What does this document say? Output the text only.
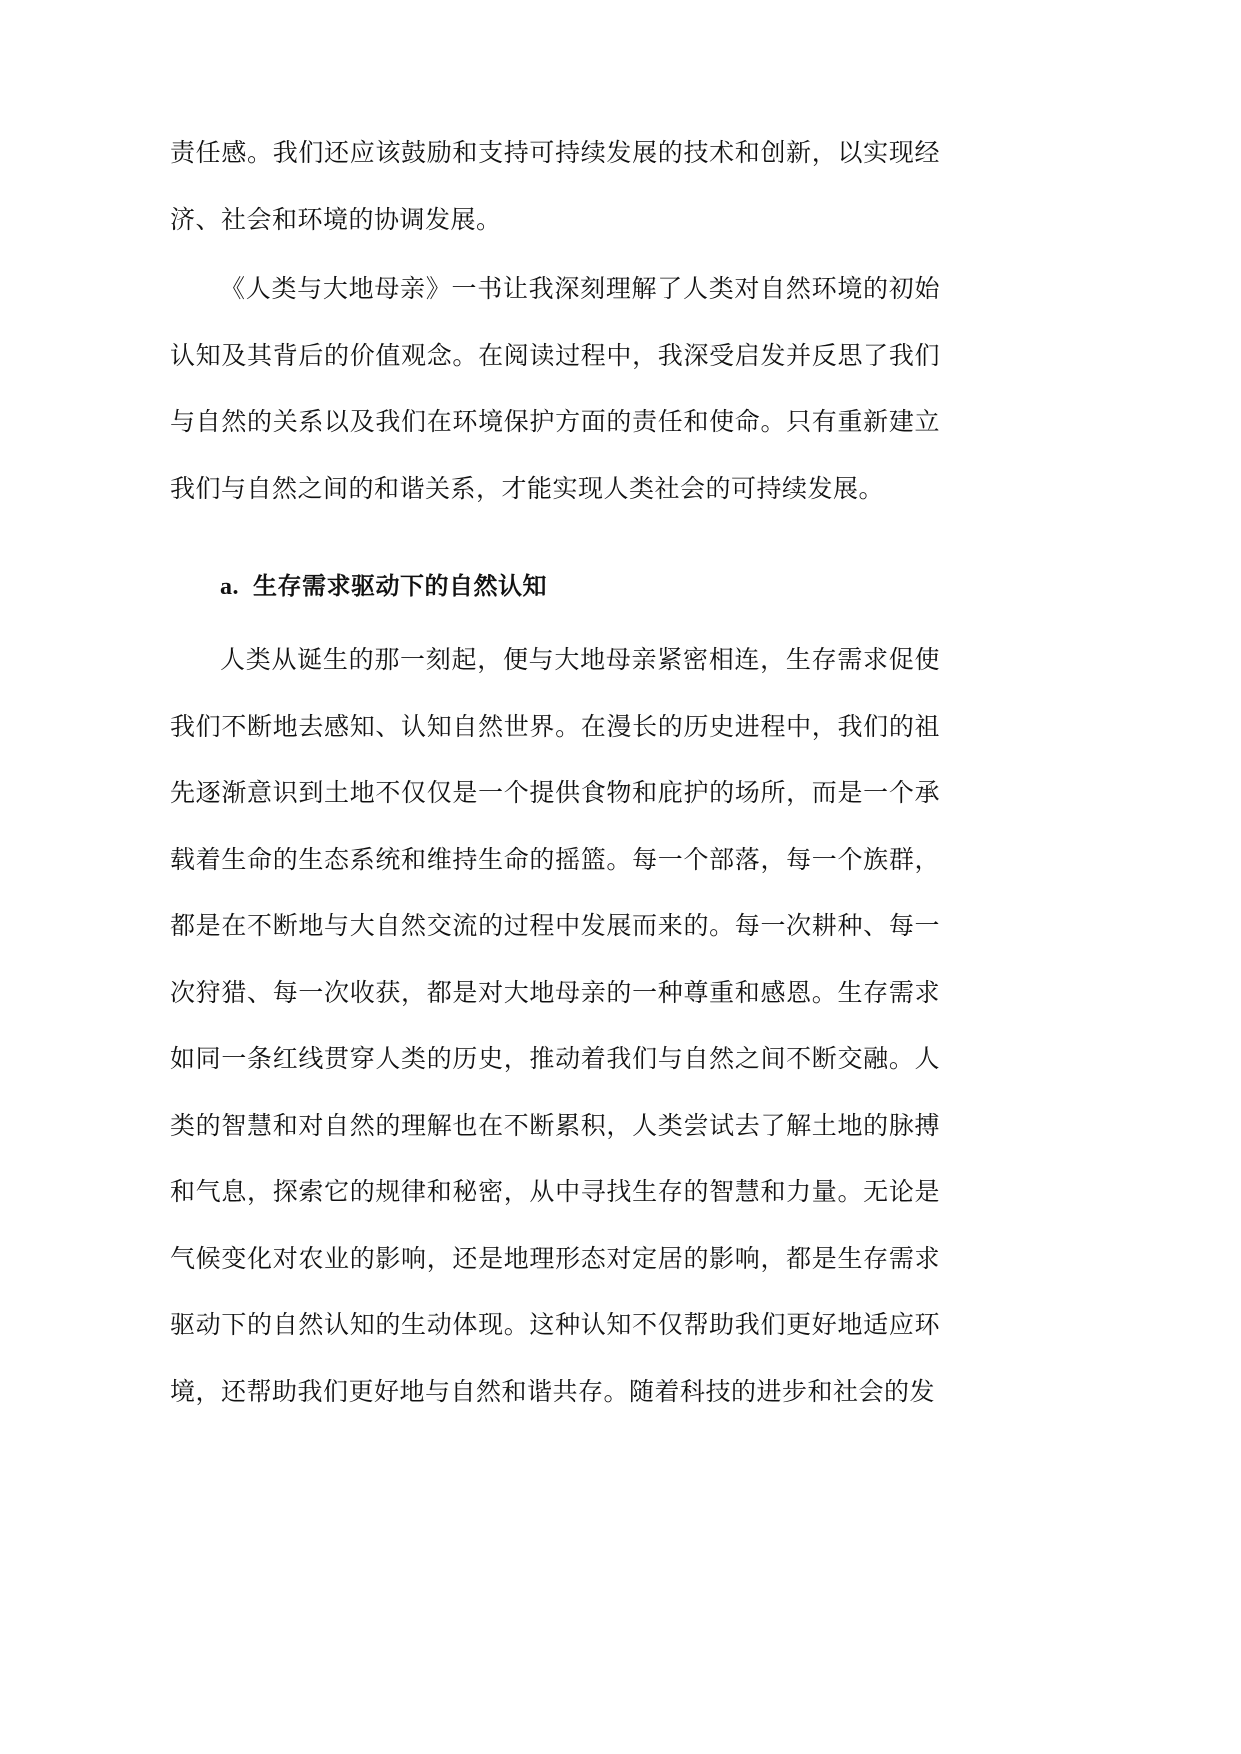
责任感。我们还应该鼓励和支持可持续发展的技术和创新，以实现经济、社会和环境的协调发展。

《人类与大地母亲》一书让我深刻理解了人类对自然环境的初始认知及其背后的价值观念。在阅读过程中，我深受启发并反思了我们与自然的关系以及我们在环境保护方面的责任和使命。只有重新建立我们与自然之间的和谐关系，才能实现人类社会的可持续发展。

a. 生存需求驱动下的自然认知

人类从诞生的那一刻起，便与大地母亲紧密相连，生存需求促使我们不断地去感知、认知自然世界。在漫长的历史进程中，我们的祖先逐渐意识到土地不仅仅是一个提供食物和庇护的场所，而是一个承载着生命的生态系统和维持生命的摇篮。每一个部落，每一个族群，都是在不断地与大自然交流的过程中发展而来的。每一次耕种、每一次狩猎、每一次收获，都是对大地母亲的一种尊重和感恩。生存需求如同一条红线贯穿人类的历史，推动着我们与自然之间不断交融。人类的智慧和对自然的理解也在不断累积，人类尝试去了解土地的脉搏和气息，探索它的规律和秘密，从中寻找生存的智慧和力量。无论是气候变化对农业的影响，还是地理形态对定居的影响，都是生存需求驱动下的自然认知的生动体现。这种认知不仅帮助我们更好地适应环境，还帮助我们更好地与自然和谐共存。随着科技的进步和社会的发
